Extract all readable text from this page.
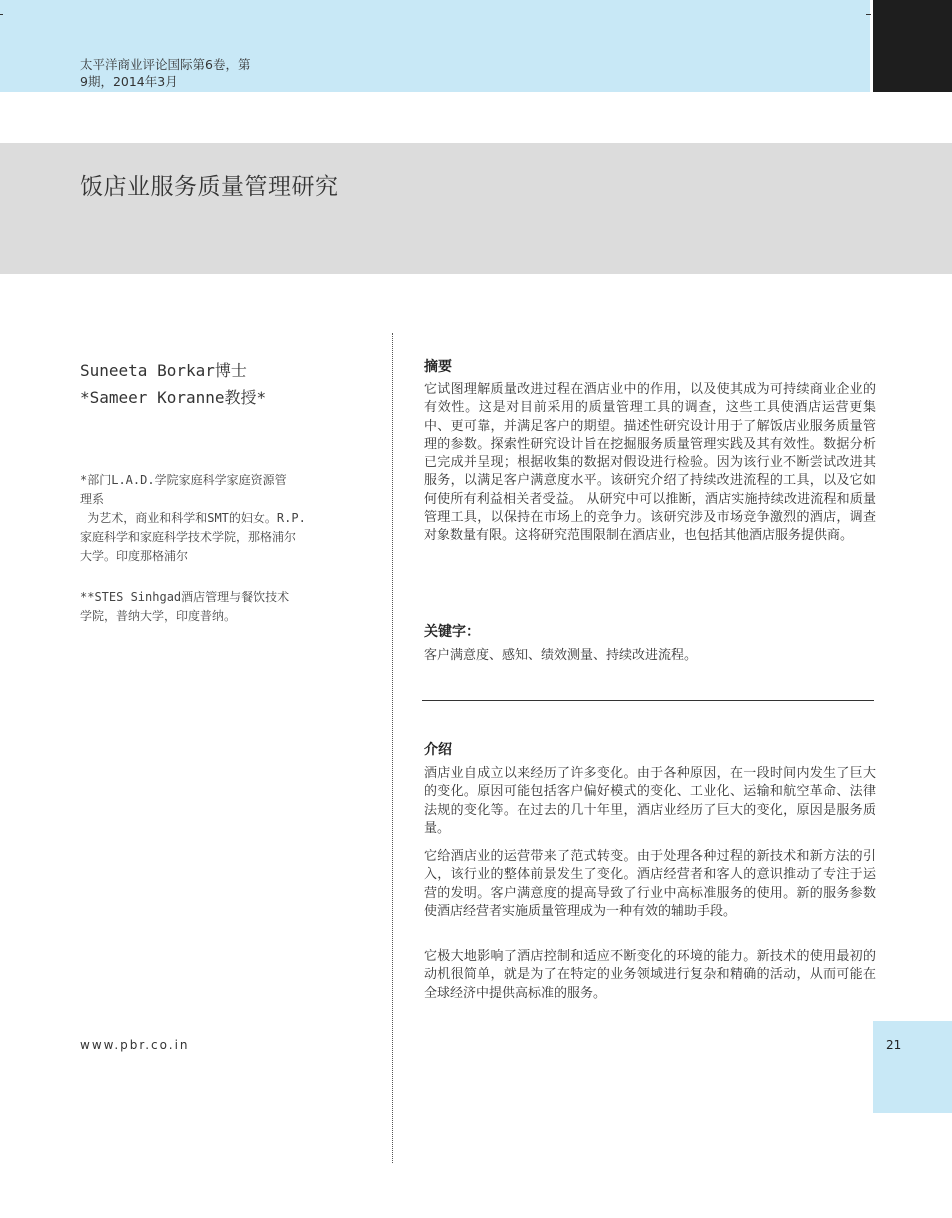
太平洋商业评论国际第6卷，第
9期，2014年3月
饭店业服务质量管理研究
Suneeta Borkar博士
*Sameer Koranne教授*

*部门L.A.D.学院家庭科学家庭资源管

理系

为艺术，商业和科学和SMT的妇女。R.P.

家庭科学和家庭科学技术学院，那格浦尔

大学。印度那格浦尔

**STES Sinhgad酒店管理与餐饮技术

学院，普纳大学，印度普纳。

摘要
它试图理解质量改进过程在酒店业中的作用，以及使其成为可持续商业企业的有效性。这是对目前采用的质量管理工具的调查，这些工具使酒店运营更集中、更可靠，并满足客户的期望。描述性研究设计用于了解饭店业服务质量管理的参数。探索性研究设计旨在挖掘服务质量管理实践及其有效性。数据分析已完成并呈现；根据收集的数据对假设进行检验。因为该行业不断尝试改进其服务，以满足客户满意度水平。该研究介绍了持续改进流程的工具，以及它如何使所有利益相关者受益。 从研究中可以推断，酒店实施持续改进流程和质量管理工具，以保持在市场上的竞争力。该研究涉及市场竞争激烈的酒店，调查对象数量有限。这将研究范围限制在酒店业，也包括其他酒店服务提供商。
关键字：
客户满意度、感知、绩效测量、持续改进流程。
介绍
酒店业自成立以来经历了许多变化。由于各种原因，在一段时间内发生了巨大的变化。原因可能包括客户偏好模式的变化、工业化、运输和航空革命、法律法规的变化等。在过去的几十年里，酒店业经历了巨大的变化，原因是服务质量。
它给酒店业的运营带来了范式转变。由于处理各种过程的新技术和新方法的引入，该行业的整体前景发生了变化。酒店经营者和客人的意识推动了专注于运营的发明。客户满意度的提高导致了行业中高标准服务的使用。新的服务参数使酒店经营者实施质量管理成为一种有效的辅助手段。
它极大地影响了酒店控制和适应不断变化的环境的能力。新技术的使用最初的动机很简单，就是为了在特定的业务领域进行复杂和精确的活动，从而可能在全球经济中提供高标准的服务。
www.pbr.co.in	21
